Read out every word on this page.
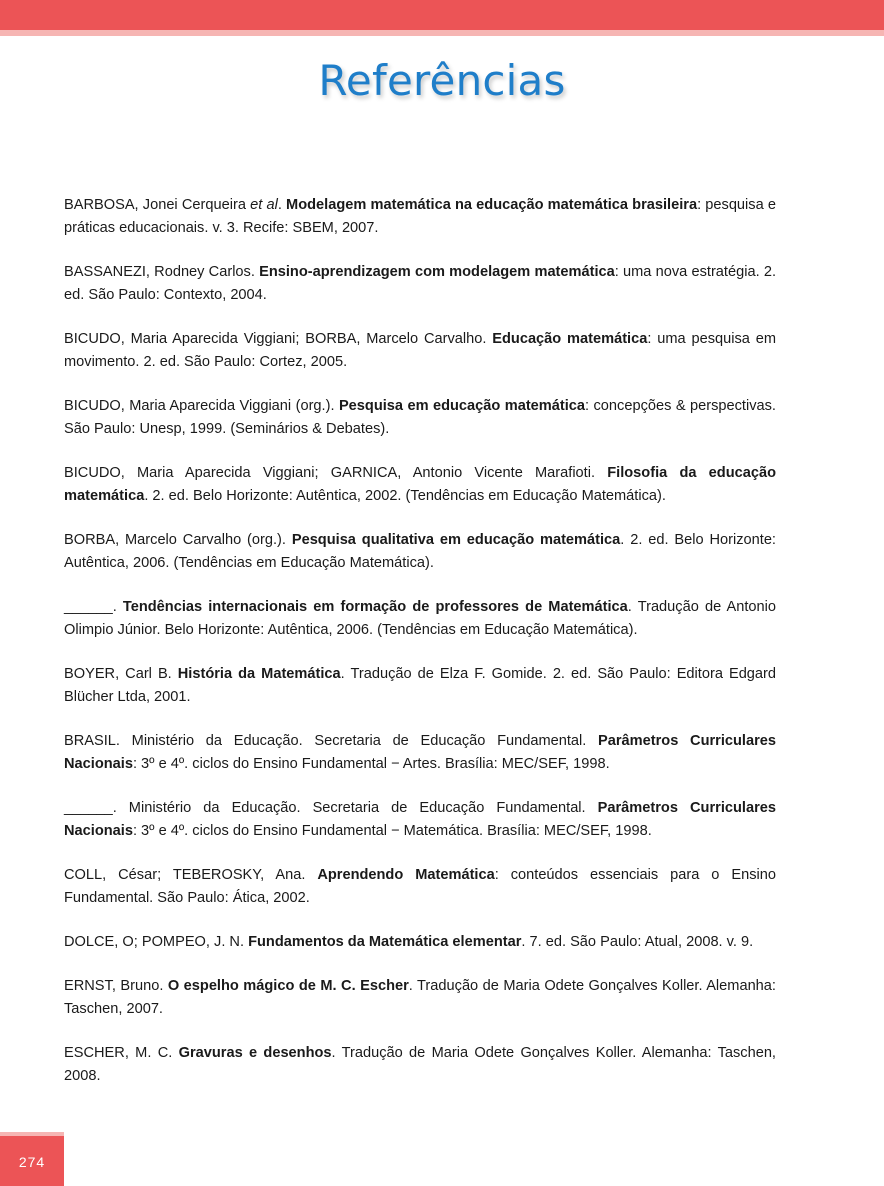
Referências

BARBOSA, Jonei Cerqueira et al. Modelagem matemática na educação matemática brasileira: pesquisa e práticas educacionais. v. 3. Recife: SBEM, 2007.

BASSANEZI, Rodney Carlos. Ensino-aprendizagem com modelagem matemática: uma nova estratégia. 2. ed. São Paulo: Contexto, 2004.

BICUDO, Maria Aparecida Viggiani; BORBA, Marcelo Carvalho. Educação matemática: uma pesquisa em movimento. 2. ed. São Paulo: Cortez, 2005.

BICUDO, Maria Aparecida Viggiani (org.). Pesquisa em educação matemática: concepções & perspectivas. São Paulo: Unesp, 1999. (Seminários & Debates).

BICUDO, Maria Aparecida Viggiani; GARNICA, Antonio Vicente Marafioti. Filosofia da educação matemática. 2. ed. Belo Horizonte: Autêntica, 2002. (Tendências em Educação Matemática).

BORBA, Marcelo Carvalho (org.). Pesquisa qualitativa em educação matemática. 2. ed. Belo Horizonte: Autêntica, 2006. (Tendências em Educação Matemática).

______. Tendências internacionais em formação de professores de Matemática. Tradução de Antonio Olimpio Júnior. Belo Horizonte: Autêntica, 2006. (Tendências em Educação Matemática).

BOYER, Carl B. História da Matemática. Tradução de Elza F. Gomide. 2. ed. São Paulo: Editora Edgard Blücher Ltda, 2001.

BRASIL. Ministério da Educação. Secretaria de Educação Fundamental. Parâmetros Curriculares Nacionais: 3º e 4º. ciclos do Ensino Fundamental − Artes. Brasília: MEC/SEF, 1998.

______. Ministério da Educação. Secretaria de Educação Fundamental. Parâmetros Curriculares Nacionais: 3º e 4º. ciclos do Ensino Fundamental − Matemática. Brasília: MEC/SEF, 1998.

COLL, César; TEBEROSKY, Ana. Aprendendo Matemática: conteúdos essenciais para o Ensino Fundamental. São Paulo: Ática, 2002.

DOLCE, O; POMPEO, J. N. Fundamentos da Matemática elementar. 7. ed. São Paulo: Atual, 2008. v. 9.

ERNST, Bruno. O espelho mágico de M. C. Escher. Tradução de Maria Odete Gonçalves Koller. Alemanha: Taschen, 2007.

ESCHER, M. C. Gravuras e desenhos. Tradução de Maria Odete Gonçalves Koller. Alemanha: Taschen, 2008.

274
